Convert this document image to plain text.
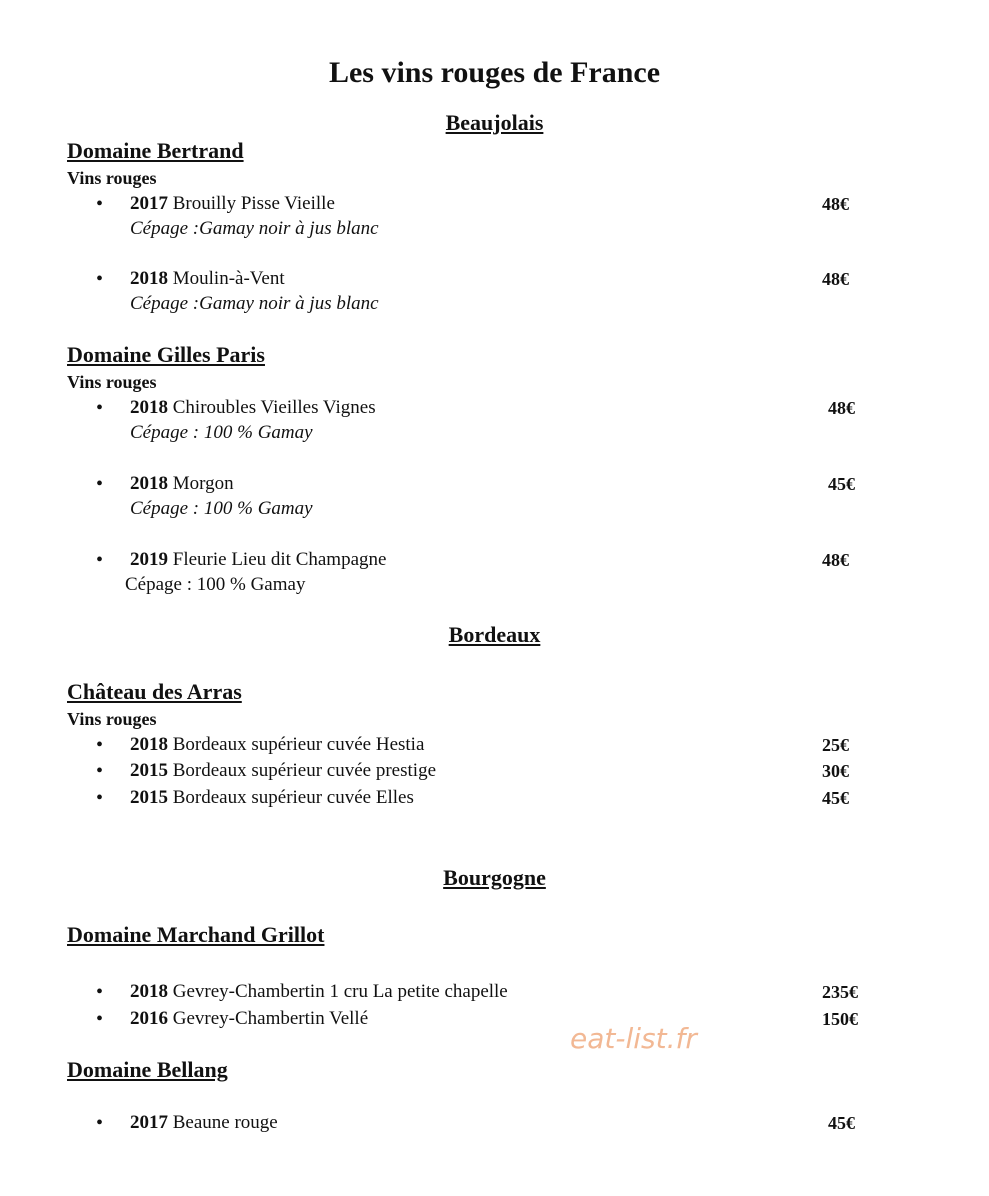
Les vins rouges de France
Beaujolais
Domaine Bertrand
Vins rouges
• 2017 Brouilly Pisse Vieille	48€
Cépage :Gamay noir à jus blanc
• 2018 Moulin-à-Vent	48€
Cépage :Gamay noir à jus blanc
Domaine Gilles Paris
Vins rouges
• 2018 Chiroubles Vieilles Vignes	48€
Cépage : 100 % Gamay
• 2018 Morgon	45€
Cépage : 100 % Gamay
• 2019 Fleurie Lieu dit Champagne	48€
Cépage : 100 % Gamay
Bordeaux
Château des Arras
Vins rouges
• 2018 Bordeaux supérieur cuvée Hestia	25€
• 2015 Bordeaux supérieur cuvée prestige	30€
• 2015 Bordeaux supérieur cuvée Elles	45€
Bourgogne
Domaine Marchand Grillot
• 2018 Gevrey-Chambertin 1 cru La petite chapelle	235€
• 2016 Gevrey-Chambertin Vellé	150€
Domaine Bellang
• 2017 Beaune rouge	45€
eat-list.fr
